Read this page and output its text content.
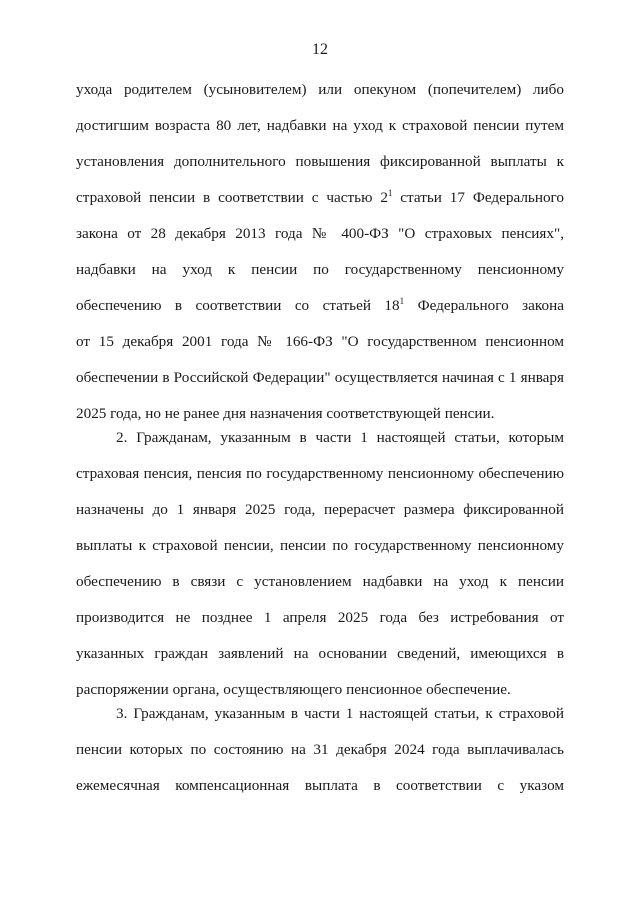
12
ухода родителем (усыновителем) или опекуном (попечителем) либо
достигшим возраста 80 лет, надбавки на уход к страховой пенсии путем
установления дополнительного повышения фиксированной выплаты к
страховой пенсии в соответствии с частью $2^1$ статьи 17 Федерального
закона от 28 декабря 2013 года № 400-ФЗ "О страховых пенсиях",
надбавки на уход к пенсии по государственному пенсионному
обеспечению в соответствии со статьей $18^1$ Федерального закона
от 15 декабря 2001 года № 166-ФЗ "О государственном пенсионном
обеспечении в Российской Федерации" осуществляется начиная с 1 января
2025 года, но не ранее дня назначения соответствующей пенсии.
2. Гражданам, указанным в части 1 настоящей статьи, которым
страховая пенсия, пенсия по государственному пенсионному обеспечению
назначены до 1 января 2025 года, перерасчет размера фиксированной
выплаты к страховой пенсии, пенсии по государственному пенсионному
обеспечению в связи с установлением надбавки на уход к пенсии
производится не позднее 1 апреля 2025 года без истребования от
указанных граждан заявлений на основании сведений, имеющихся в
распоряжении органа, осуществляющего пенсионное обеспечение.
3. Гражданам, указанным в части 1 настоящей статьи, к страховой
пенсии которых по состоянию на 31 декабря 2024 года выплачивалась
ежемесячная компенсационная выплата в соответствии с указом
